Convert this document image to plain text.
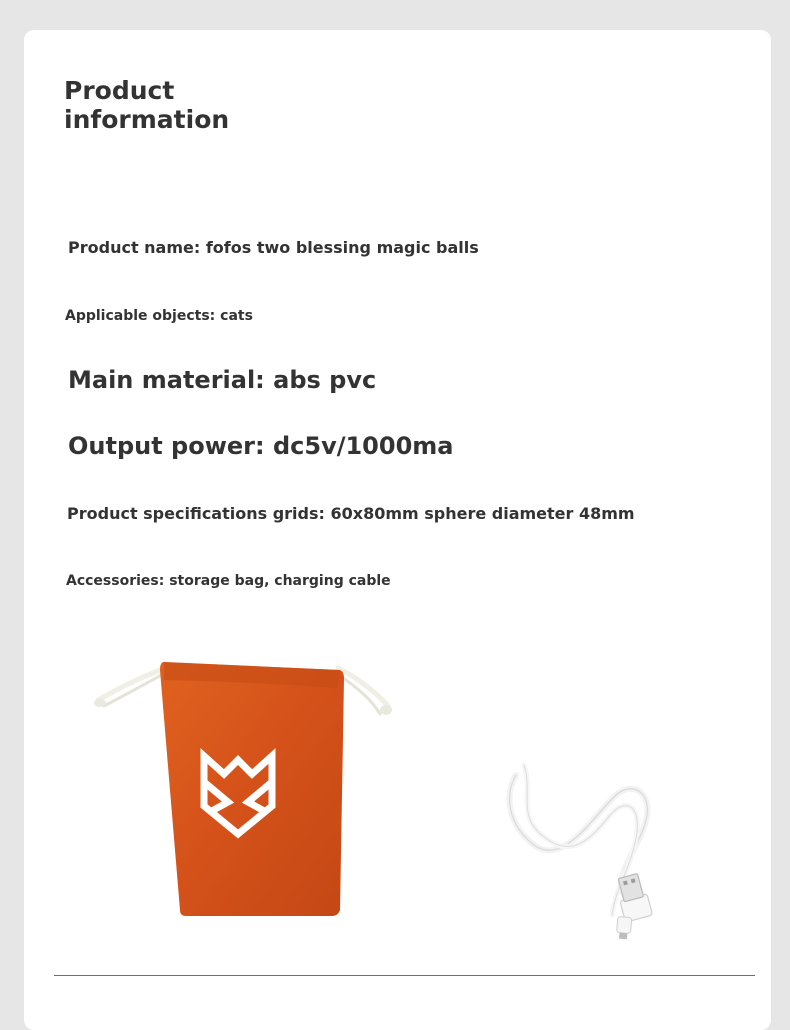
Product information

Product name: fofos two blessing magic balls

Applicable objects: cats

Main material: abs pvc

Output power: dc5v/1000ma

Product specifications grids: 60x80mm sphere diameter 48mm

Accessories: storage bag, charging cable
